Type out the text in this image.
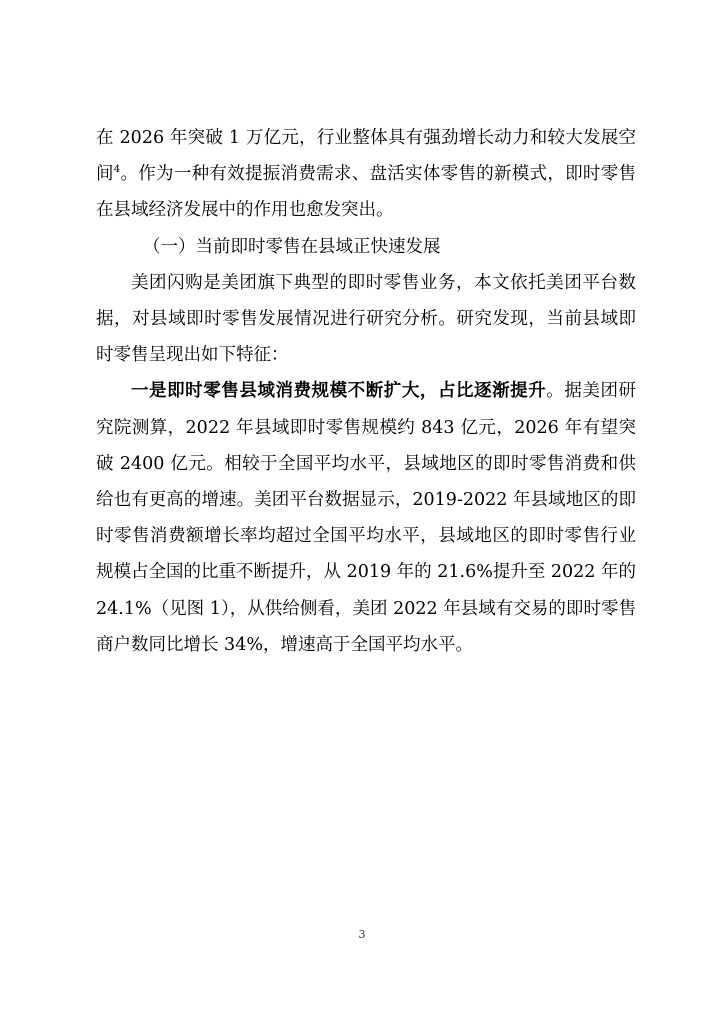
在 2026 年突破 1 万亿元，行业整体具有强劲增长动力和较大发展空间$^4$。作为一种有效提振消费需求、盘活实体零售的新模式，即时零售在县域经济发展中的作用也愈发突出。

（一）当前即时零售在县域正快速发展

美团闪购是美团旗下典型的即时零售业务，本文依托美团平台数据，对县域即时零售发展情况进行研究分析。研究发现，当前县域即时零售呈现出如下特征：

一是即时零售县域消费规模不断扩大，占比逐渐提升。据美团研究院测算，2022 年县域即时零售规模约 843 亿元，2026 年有望突破 2400 亿元。相较于全国平均水平，县域地区的即时零售消费和供给也有更高的增速。美团平台数据显示，2019-2022 年县域地区的即时零售消费额增长率均超过全国平均水平，县域地区的即时零售行业规模占全国的比重不断提升，从 2019 年的 21.6%提升至 2022 年的 24.1%（见图 1），从供给侧看，美团 2022 年县域有交易的即时零售商户数同比增长 34%，增速高于全国平均水平。

3
